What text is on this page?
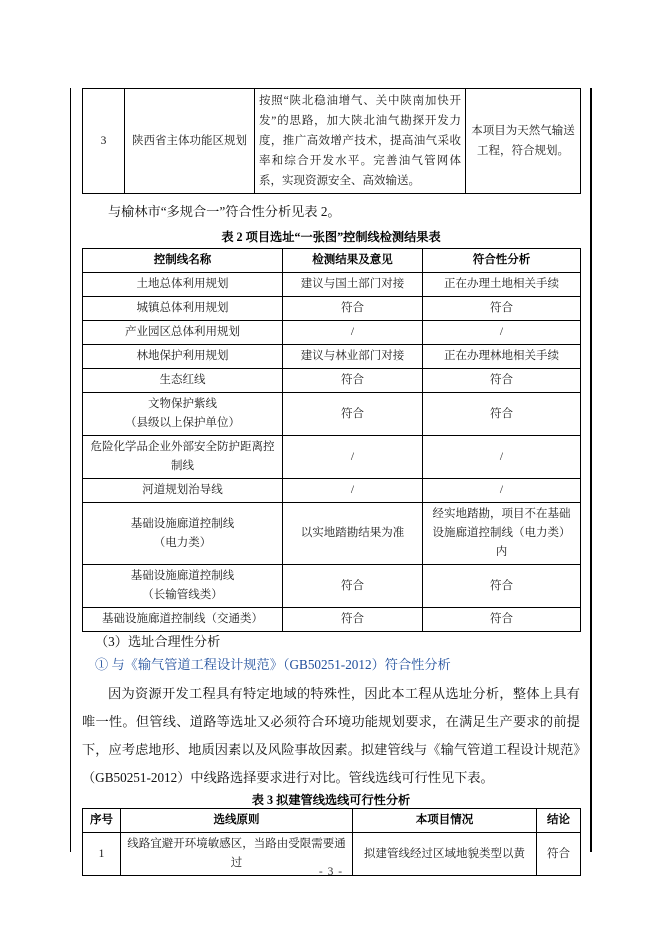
3	陕西省主体功能区规划	按照“陕北稳油增气、关中陕南加快开发”的思路，加大陕北油气勘探开发力度，推广高效增产技术，提高油气采收率和综合开发水平。完善油气管网体系，实现资源安全、高效输送。	本项目为天然气输送工程，符合规划。

与榆林市“多规合一”符合性分析见表 2。

表 2 项目选址“一张图”控制线检测结果表

控制线名称	检测结果及意见	符合性分析
土地总体利用规划	建议与国土部门对接	正在办理土地相关手续
城镇总体利用规划	符合	符合
产业园区总体利用规划	/	/
林地保护利用规划	建议与林业部门对接	正在办理林地相关手续
生态红线	符合	符合
文物保护紫线
（县级以上保护单位）	符合	符合
危险化学品企业外部安全防护距离控制线	/	/
河道规划治导线	/	/
基础设施廊道控制线
（电力类）	以实地踏勘结果为准	经实地踏勘，项目不在基础设施廊道控制线（电力类）内
基础设施廊道控制线
（长输管线类）	符合	符合
基础设施廊道控制线（交通类）	符合	符合

（3）选址合理性分析

① 与《输气管道工程设计规范》（GB50251-2012）符合性分析

因为资源开发工程具有特定地域的特殊性，因此本工程从选址分析，整体上具有唯一性。但管线、道路等选址又必须符合环境功能规划要求，在满足生产要求的前提下，应考虑地形、地质因素以及风险事故因素。拟建管线与《输气管道工程设计规范》（GB50251-2012）中线路选择要求进行对比。管线选线可行性见下表。

表 3 拟建管线选线可行性分析

序号	选线原则	本项目情况	结论
1	线路宜避开环境敏感区，当路由受限需要通过	拟建管线经过区域地貌类型以黄	符合
- 3 -
